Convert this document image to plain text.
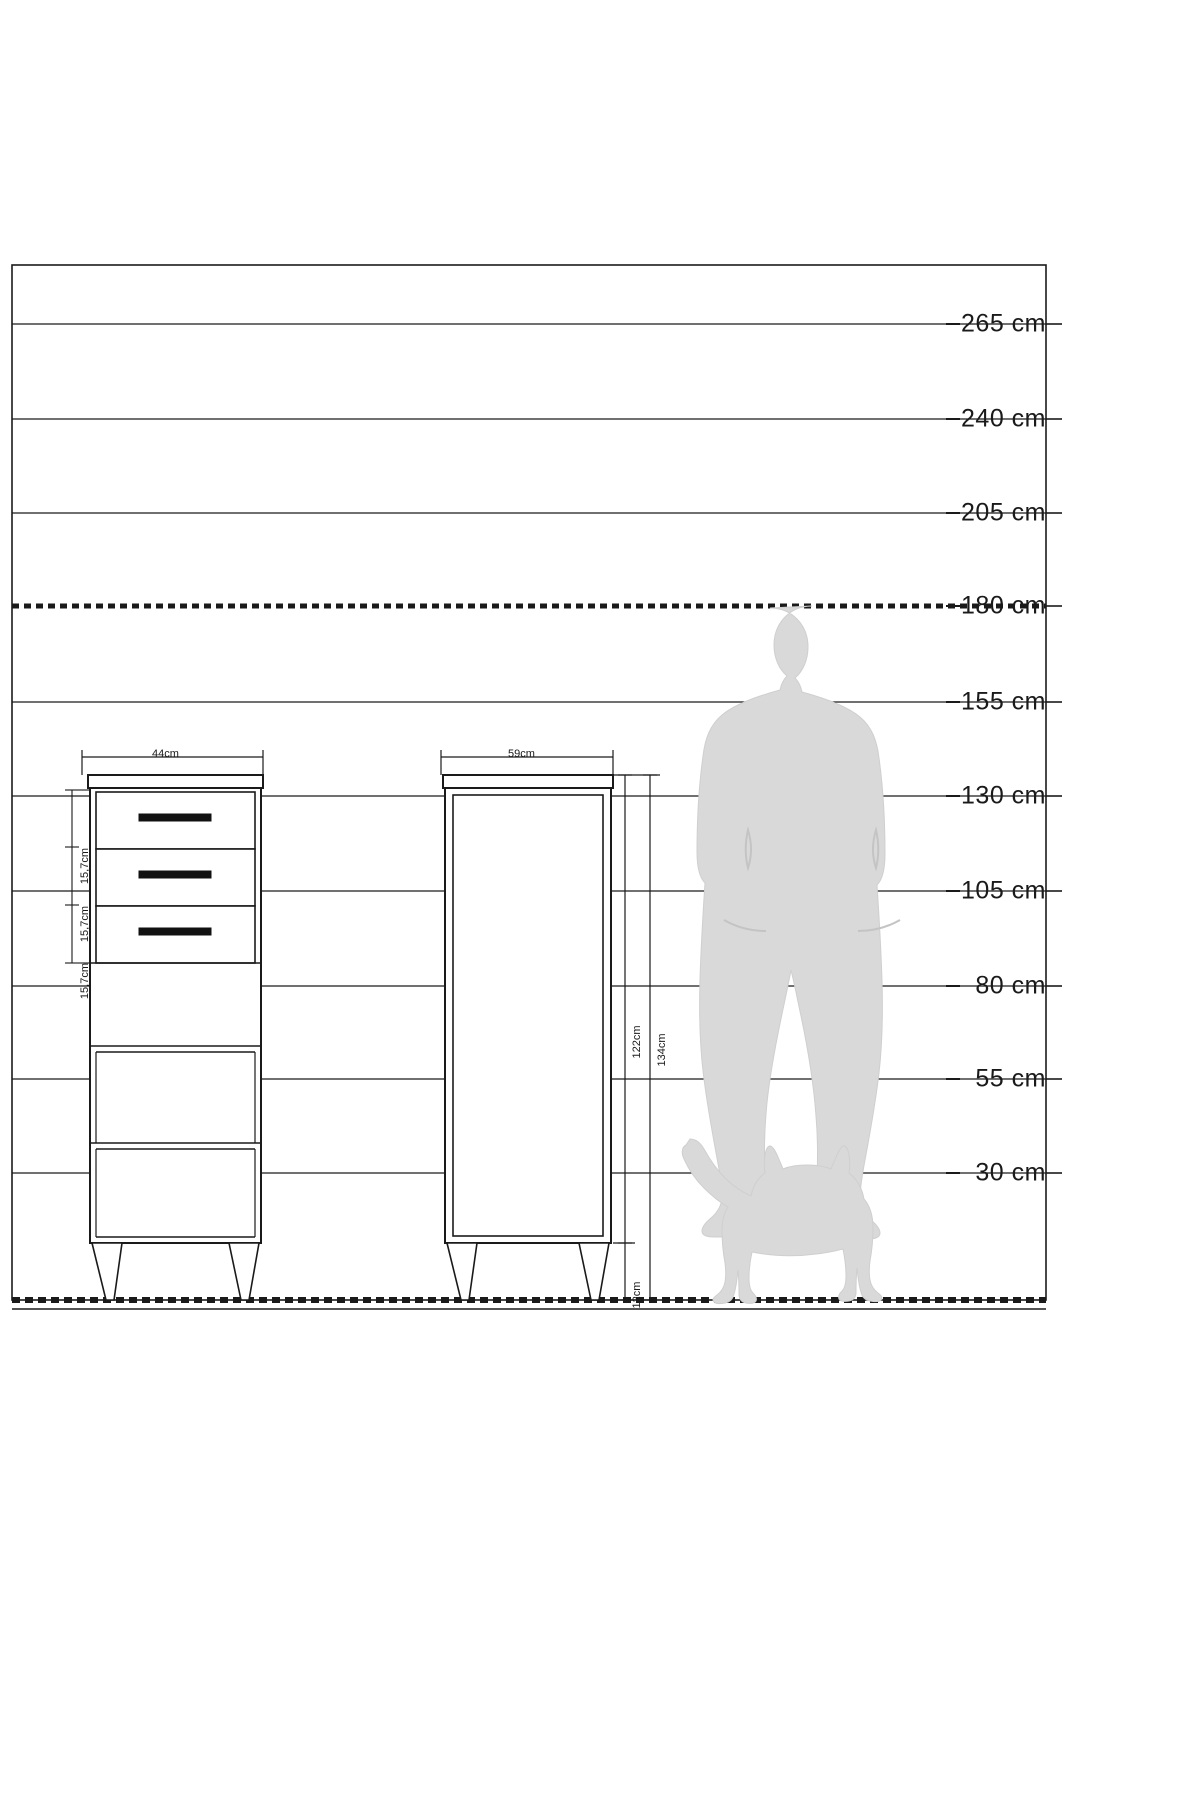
265 cm
240 cm
205 cm
180 cm
155 cm
130 cm
105 cm
80 cm
55 cm
30 cm
44cm	59cm
15,7cm
15,7cm
15,7cm
122cm 134cm
12cm
